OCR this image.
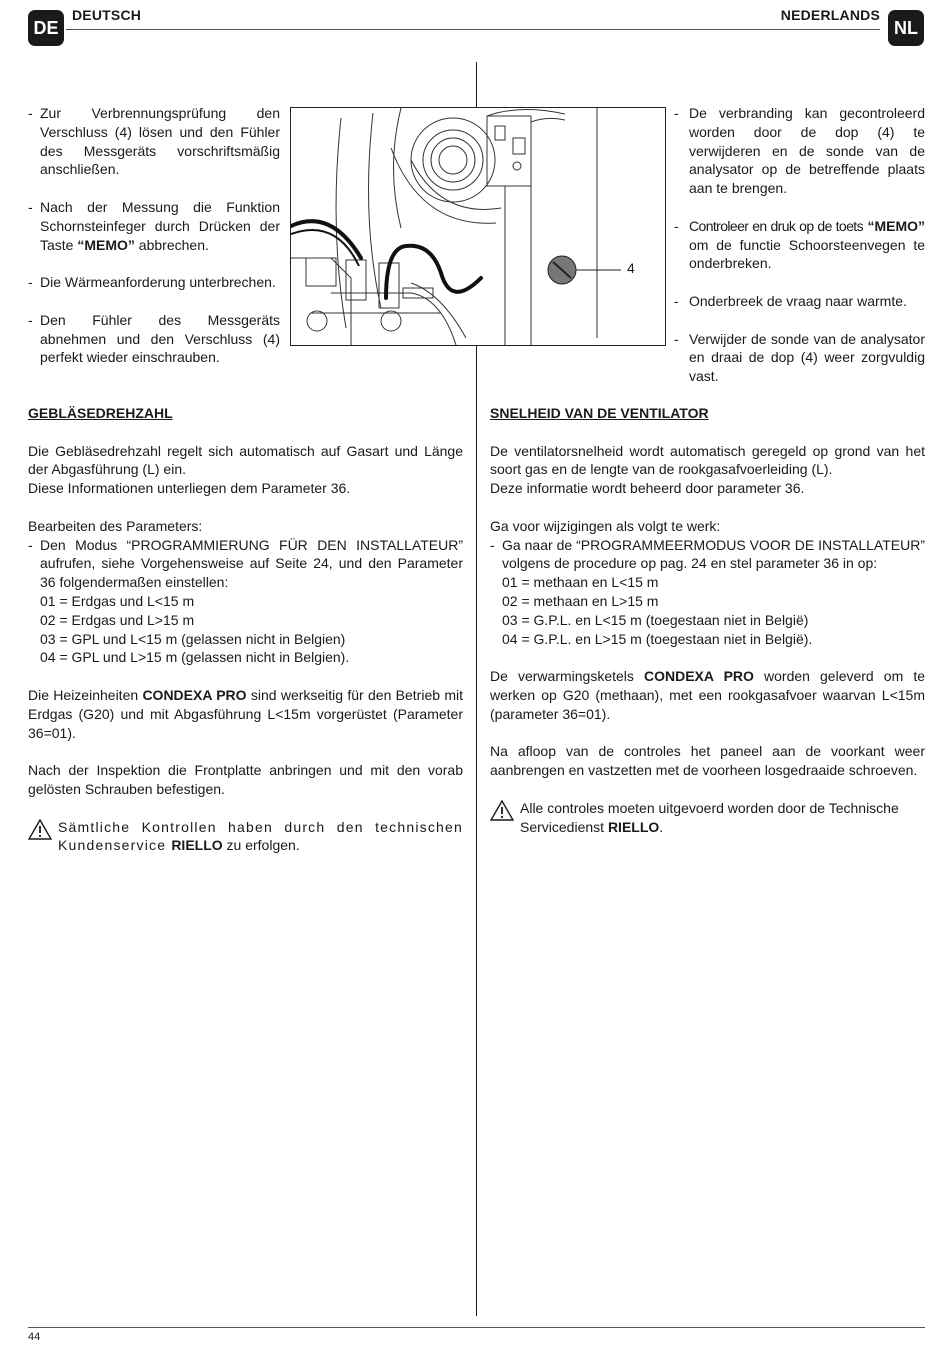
DE
DEUTSCH	NEDERLANDS
NL
4
- Zur Verbrennungsprüfung den Verschluss (4) lösen und den Fühler des Messgeräts vorschriftsmäßig anschließen.
- Nach der Messung die Funktion Schornsteinfeger durch Drücken der Taste “MEMO” abbrechen.
- Die Wärmeanforderung unterbrechen.
- Den Fühler des Messgeräts abnehmen und den Verschluss (4) perfekt wieder einschrauben.
- De verbranding kan gecontroleerd worden door de dop (4) te verwijderen en de sonde van de analysator op de betreffende plaats aan te brengen.
- Controleer en druk op de toets “MEMO” om de functie Schoorsteenvegen te onderbreken.
- Onderbreek de vraag naar warmte.
- Verwijder de sonde van de analysator en draai de dop (4) weer zorgvuldig vast.

GEBLÄSEDREHZAHL

Die Gebläsedrehzahl regelt sich automatisch auf Gasart und Länge der Abgasführung (L) ein.

Diese Informationen unterliegen dem Parameter 36.

Bearbeiten des Parameters:

- Den Modus “PROGRAMMIERUNG FÜR DEN INSTALLATEUR” aufrufen, siehe Vorgehensweise auf Seite 24, und den Parameter 36 folgendermaßen einstellen:

01 = Erdgas und L<15 m

02 = Erdgas und L>15 m

03 = GPL und L<15 m (gelassen nicht in Belgien)

04 = GPL und L>15 m (gelassen nicht in Belgien).

Die Heizeinheiten CONDEXA PRO sind werkseitig für den Betrieb mit Erdgas (G20) und mit Abgasführung L<15m vorgerüstet (Parameter 36=01).

Nach der Inspektion die Frontplatte anbringen und mit den vorab gelösten Schrauben befestigen.

Sämtliche Kontrollen haben durch den technischen Kundenservice RIELLO zu erfolgen.

SNELHEID VAN DE VENTILATOR

De ventilatorsnelheid wordt automatisch geregeld op grond van het soort gas en de lengte van de rookgasafvoerleiding (L).

Deze informatie wordt beheerd door parameter 36.

Ga voor wijzigingen als volgt te werk:

- Ga naar de “PROGRAMMEERMODUS VOOR DE INSTALLATEUR” volgens de procedure op pag. 24 en stel parameter 36 in op:

01 = methaan en L<15 m

02 = methaan en L>15 m

03 = G.P.L. en L<15 m (toegestaan niet in België)

04 = G.P.L. en L>15 m (toegestaan niet in België).

De verwarmingsketels CONDEXA PRO worden geleverd om te werken op G20 (methaan), met een rookgasafvoer waarvan L<15m (parameter 36=01).

Na afloop van de controles het paneel aan de voorkant weer aanbrengen en vastzetten met de voorheen losgedraaide schroeven.

Alle controles moeten uitgevoerd worden door de Technische Servicedienst RIELLO.
44
